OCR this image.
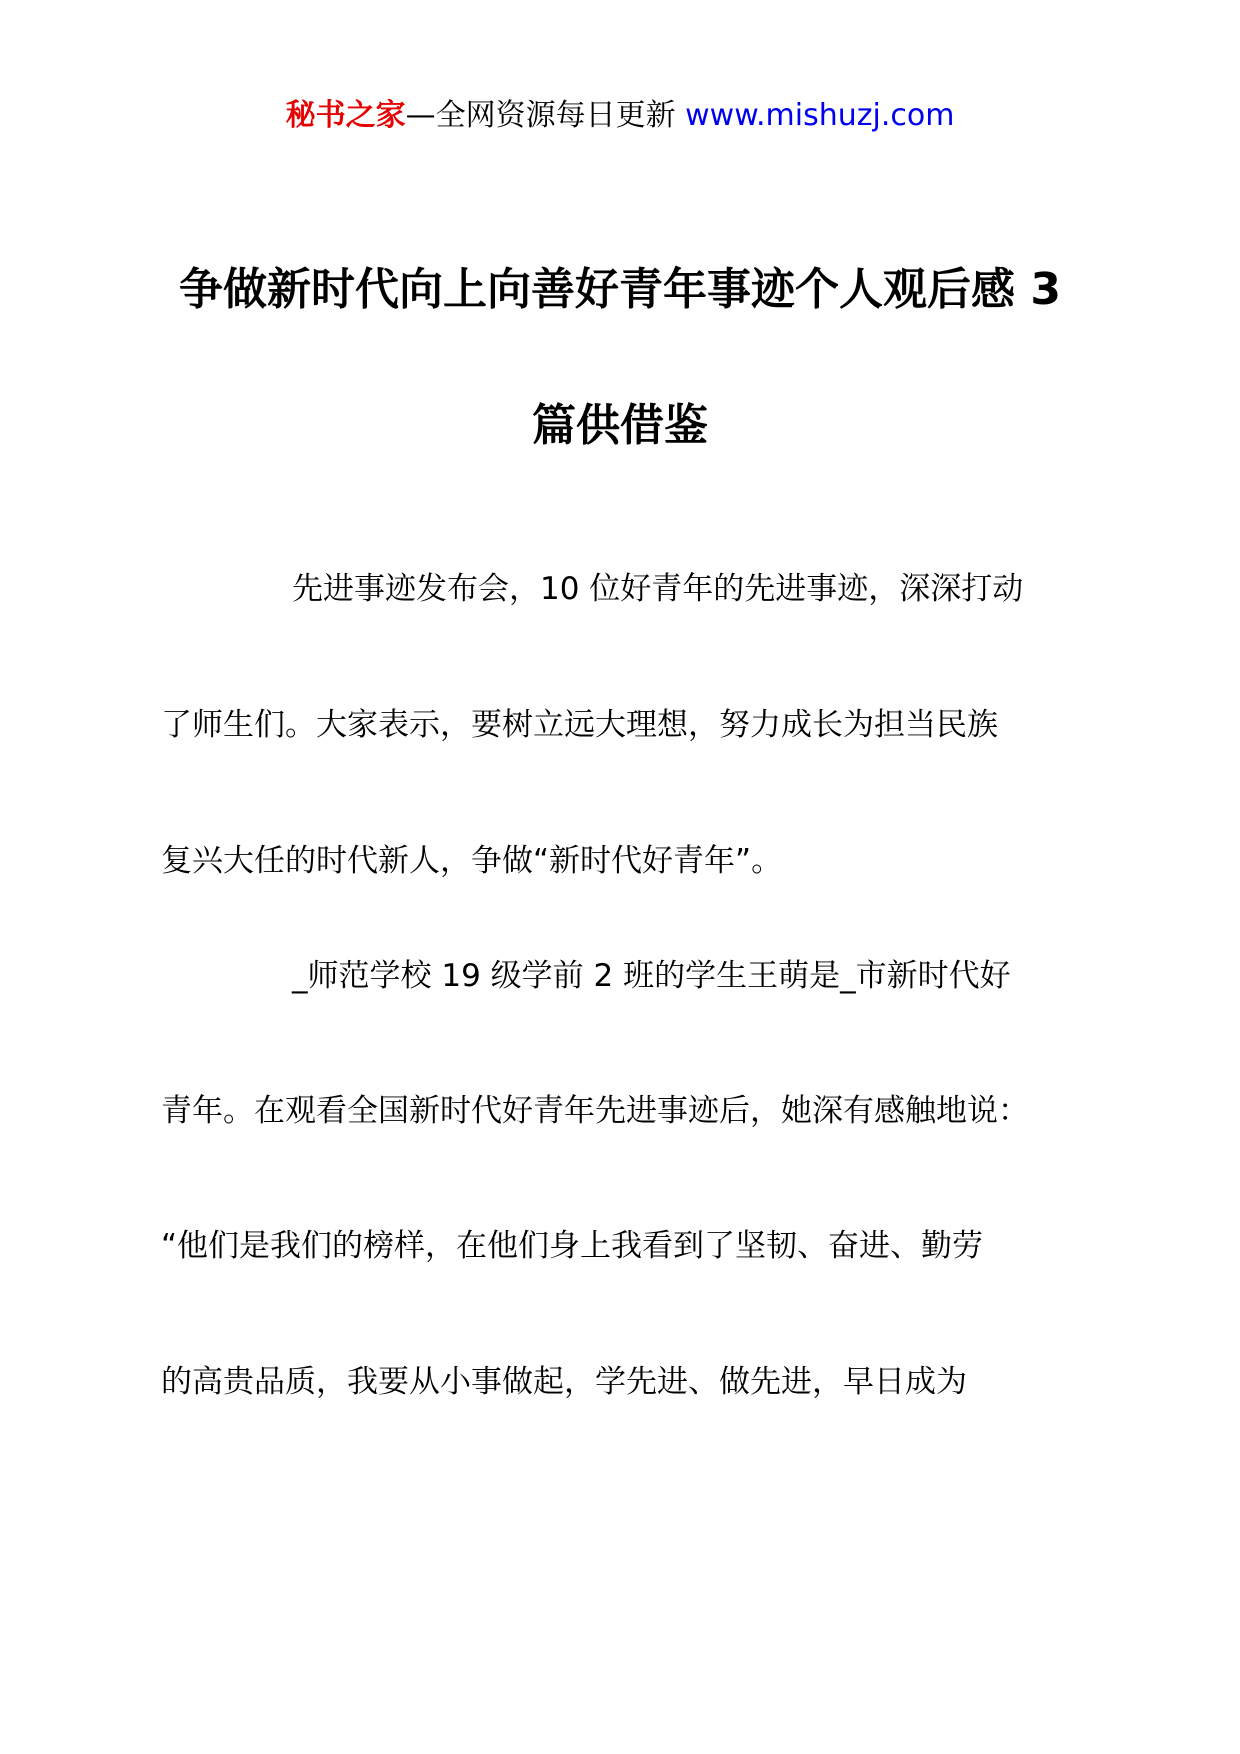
秘书之家—全网资源每日更新 www.mishuzj.com
争做新时代向上向善好青年事迹个人观后感 3
篇供借鉴
先进事迹发布会，10 位好青年的先进事迹，深深打动
了师生们。大家表示，要树立远大理想，努力成长为担当民族
复兴大任的时代新人，争做“新时代好青年”。
_师范学校 19 级学前 2 班的学生王萌是_市新时代好
青年。在观看全国新时代好青年先进事迹后，她深有感触地说：
“他们是我们的榜样，在他们身上我看到了坚韧、奋进、勤劳
的高贵品质，我要从小事做起，学先进、做先进，早日成为
